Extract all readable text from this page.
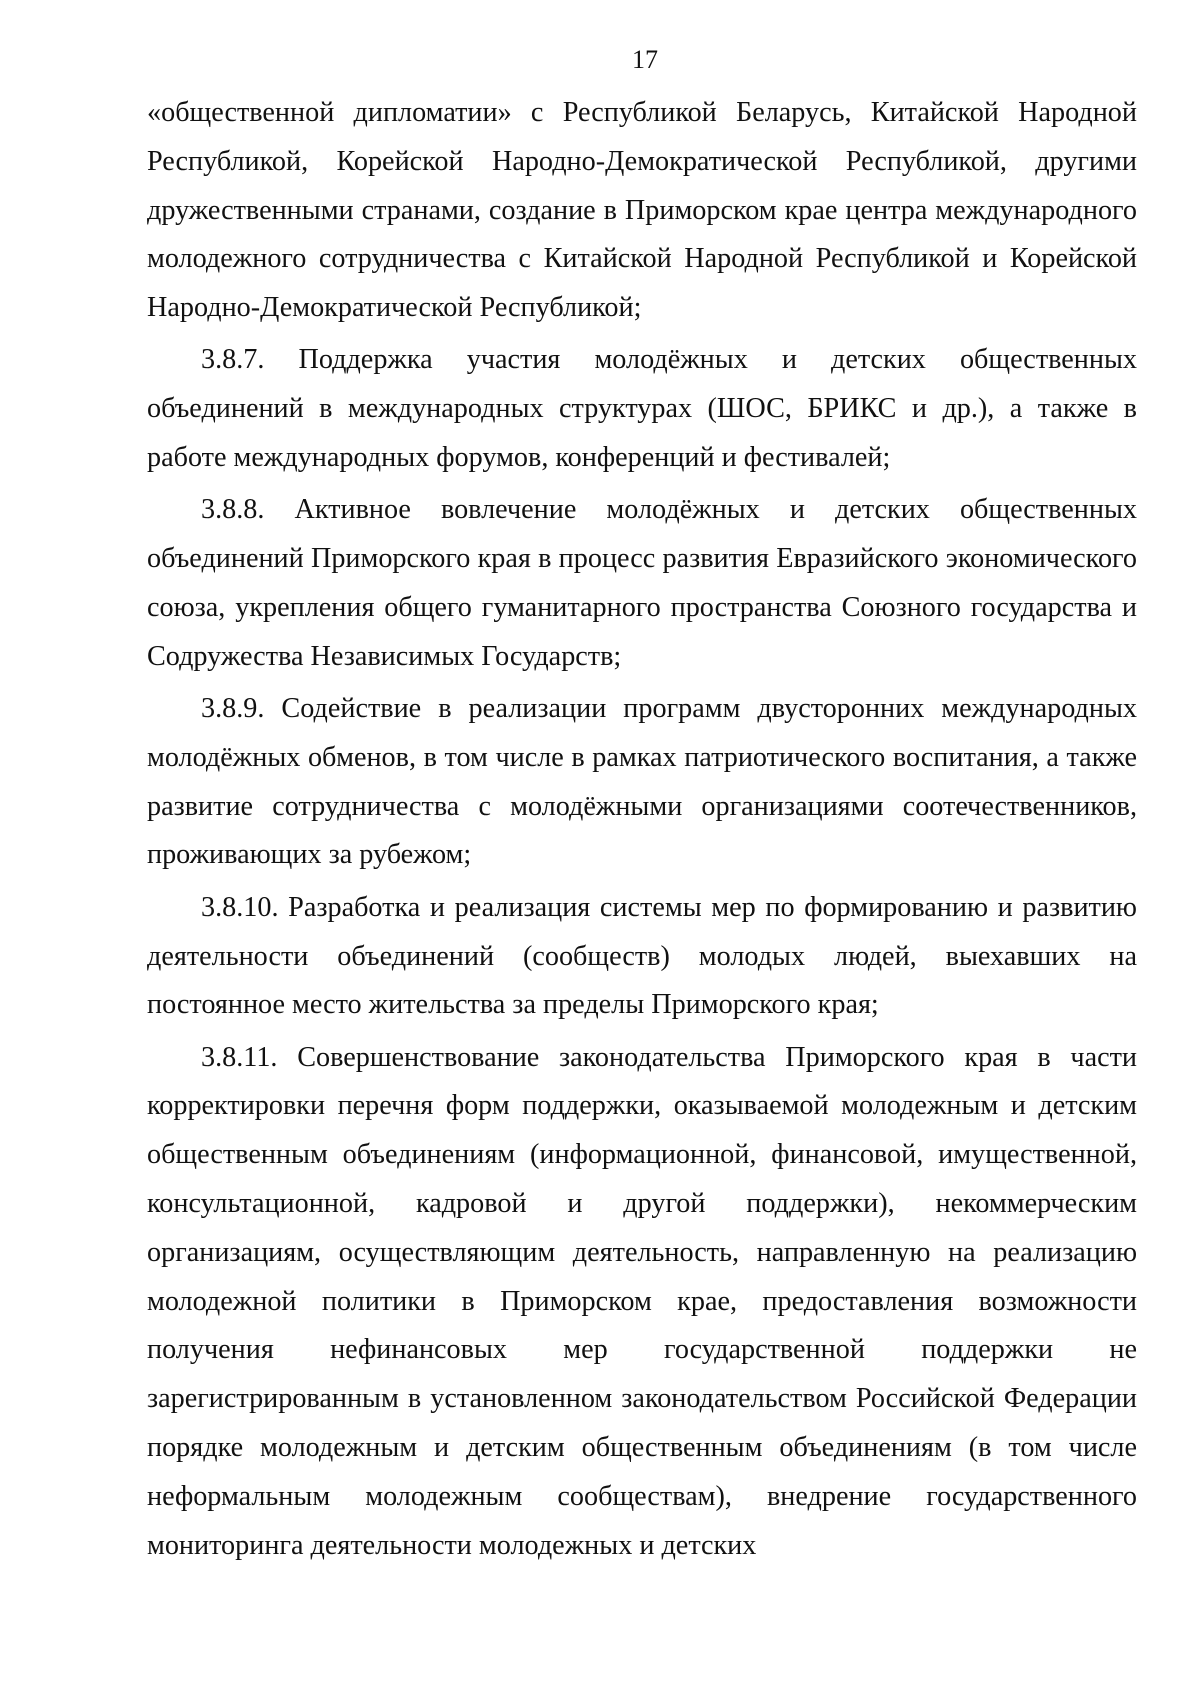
17

«общественной дипломатии» с Республикой Беларусь, Китайской Народной Республикой, Корейской Народно-Демократической Республикой, другими дружественными странами, создание в Приморском крае центра международного молодежного сотрудничества с Китайской Народной Республикой и Корейской Народно-Демократической Республикой;

3.8.7. Поддержка участия молодёжных и детских общественных объединений в международных структурах (ШОС, БРИКС и др.), а также в работе международных форумов, конференций и фестивалей;

3.8.8. Активное вовлечение молодёжных и детских общественных объединений Приморского края в процесс развития Евразийского экономического союза, укрепления общего гуманитарного пространства Союзного государства и Содружества Независимых Государств;

3.8.9. Содействие в реализации программ двусторонних международных молодёжных обменов, в том числе в рамках патриотического воспитания, а также развитие сотрудничества с молодёжными организациями соотечественников, проживающих за рубежом;

3.8.10. Разработка и реализация системы мер по формированию и развитию деятельности объединений (сообществ) молодых людей, выехавших на постоянное место жительства за пределы Приморского края;

3.8.11. Совершенствование законодательства Приморского края в части корректировки перечня форм поддержки, оказываемой молодежным и детским общественным объединениям (информационной, финансовой, имущественной, консультационной, кадровой и другой поддержки), некоммерческим организациям, осуществляющим деятельность, направленную на реализацию молодежной политики в Приморском крае, предоставления возможности получения нефинансовых мер государственной поддержки не зарегистрированным в установленном законодательством Российской Федерации порядке молодежным и детским общественным объединениям (в том числе неформальным молодежным сообществам), внедрение государственного мониторинга деятельности молодежных и детских
